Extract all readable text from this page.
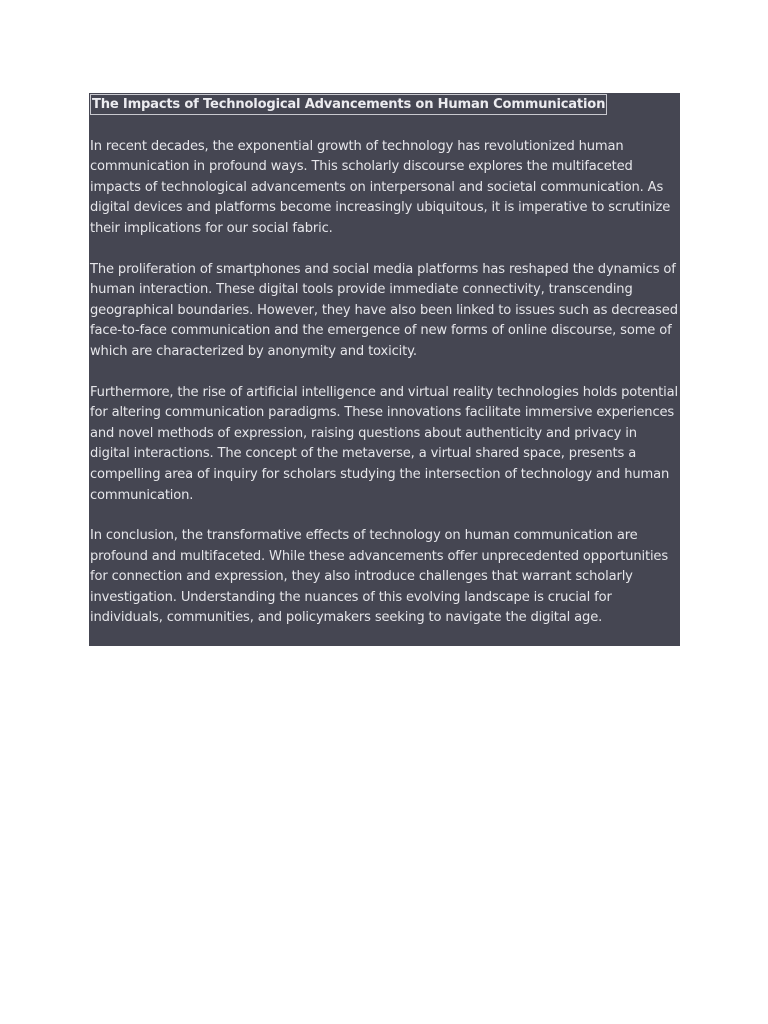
The Impacts of Technological Advancements on Human Communication

In recent decades, the exponential growth of technology has revolutionized human communication in profound ways. This scholarly discourse explores the multifaceted impacts of technological advancements on interpersonal and societal communication. As digital devices and platforms become increasingly ubiquitous, it is imperative to scrutinize their implications for our social fabric.

The proliferation of smartphones and social media platforms has reshaped the dynamics of human interaction. These digital tools provide immediate connectivity, transcending geographical boundaries. However, they have also been linked to issues such as decreased face-to-face communication and the emergence of new forms of online discourse, some of which are characterized by anonymity and toxicity.

Furthermore, the rise of artificial intelligence and virtual reality technologies holds potential for altering communication paradigms. These innovations facilitate immersive experiences and novel methods of expression, raising questions about authenticity and privacy in digital interactions. The concept of the metaverse, a virtual shared space, presents a compelling area of inquiry for scholars studying the intersection of technology and human communication.

In conclusion, the transformative effects of technology on human communication are profound and multifaceted. While these advancements offer unprecedented opportunities for connection and expression, they also introduce challenges that warrant scholarly investigation. Understanding the nuances of this evolving landscape is crucial for individuals, communities, and policymakers seeking to navigate the digital age.
